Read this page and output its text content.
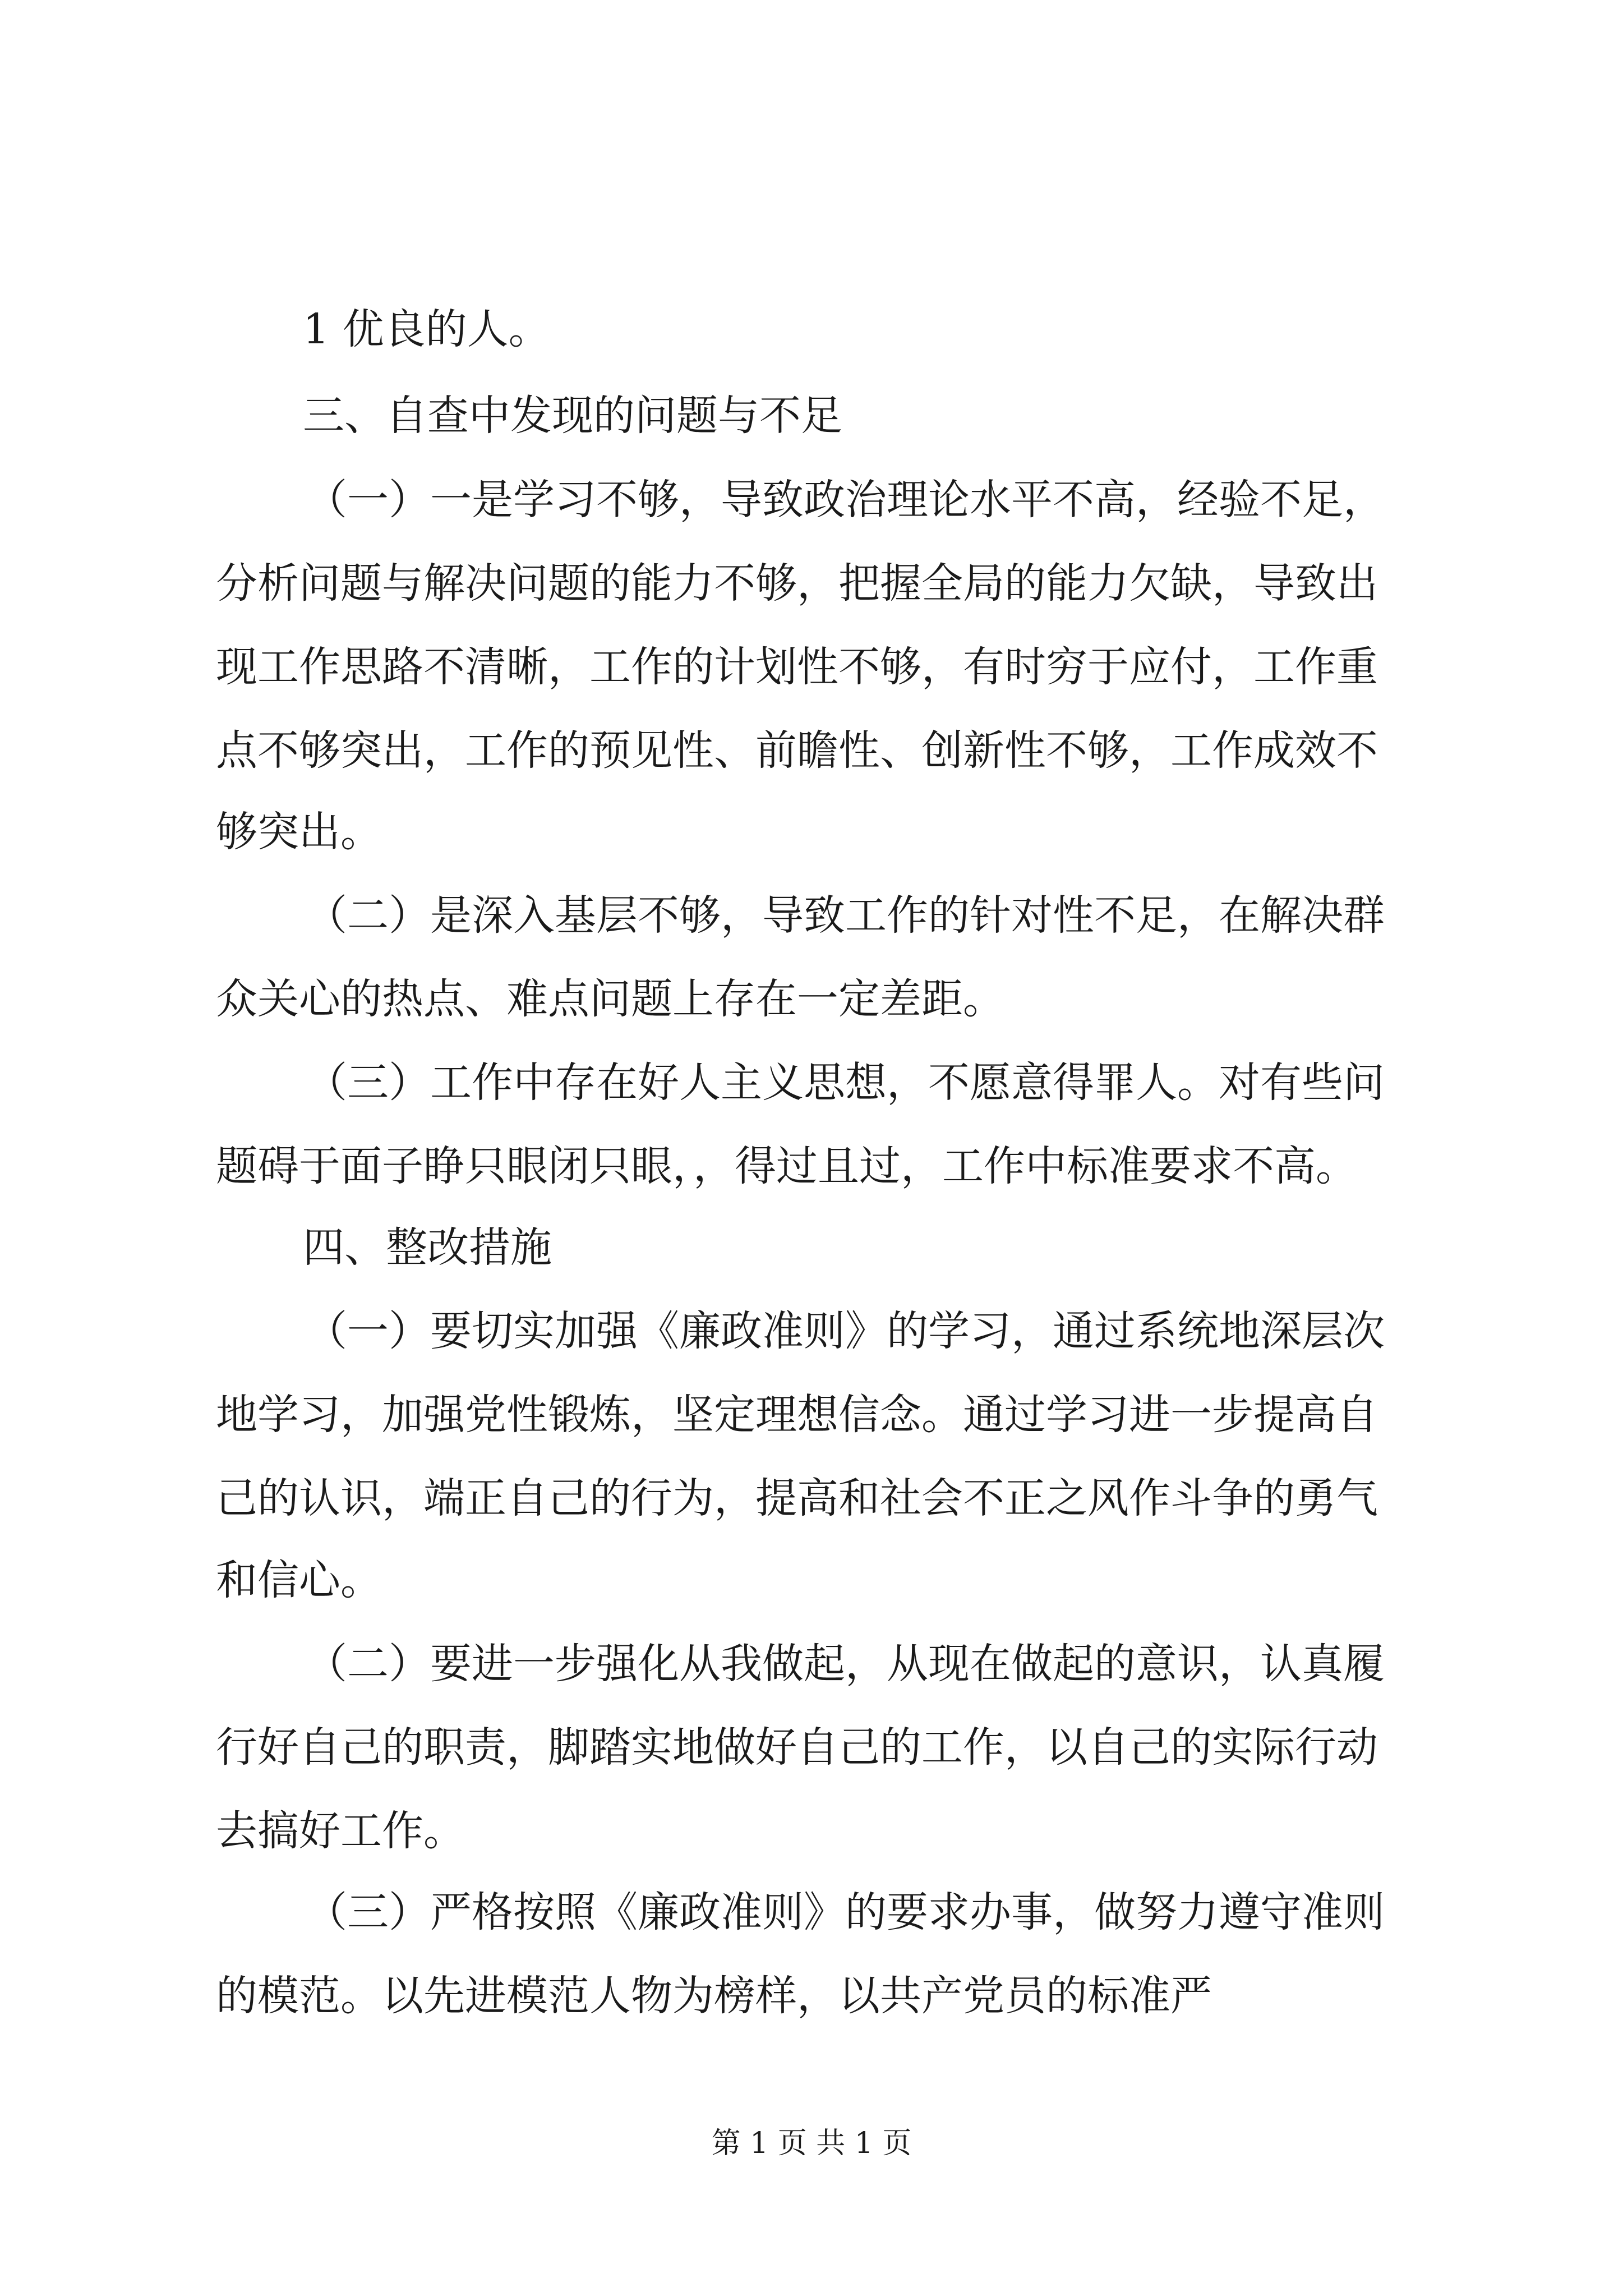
1 优良的人。

三、自查中发现的问题与不足

（一）一是学习不够，导致政治理论水平不高，经验不足，

分析问题与解决问题的能力不够，把握全局的能力欠缺，导致出

现工作思路不清晰，工作的计划性不够，有时穷于应付，工作重

点不够突出，工作的预见性、前瞻性、创新性不够，工作成效不

够突出。

（二）是深入基层不够，导致工作的针对性不足，在解决群

众关心的热点、难点问题上存在一定差距。

（三）工作中存在好人主义思想，不愿意得罪人。对有些问

题碍于面子睁只眼闭只眼，，得过且过，工作中标准要求不高。

四、整改措施

（一）要切实加强《廉政准则》的学习，通过系统地深层次

地学习，加强党性锻炼，坚定理想信念。通过学习进一步提高自

己的认识，端正自己的行为，提高和社会不正之风作斗争的勇气

和信心。

（二）要进一步强化从我做起，从现在做起的意识，认真履

行好自己的职责，脚踏实地做好自己的工作，以自己的实际行动

去搞好工作。

（三）严格按照《廉政准则》的要求办事，做努力遵守准则

的模范。以先进模范人物为榜样，以共产党员的标准严

第 1 页 共 1 页
